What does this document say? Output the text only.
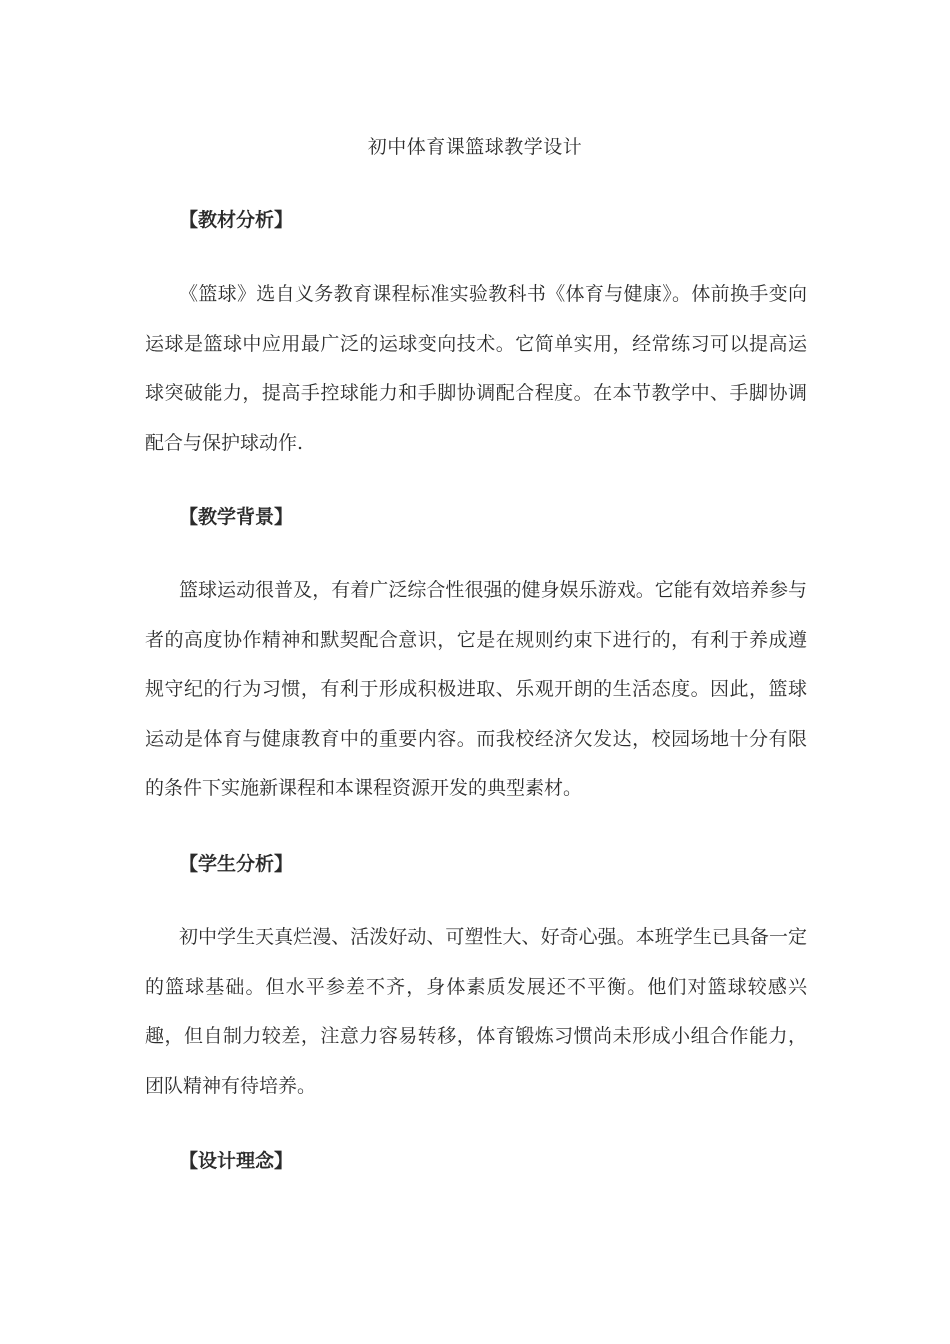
初中体育课篮球教学设计
【教材分析】

《篮球》选自义务教育课程标准实验教科书《体育与健康》。体前换手变向运球是篮球中应用最广泛的运球变向技术。它简单实用，经常练习可以提高运球突破能力，提高手控球能力和手脚协调配合程度。在本节教学中、手脚协调配合与保护球动作.

【教学背景】

篮球运动很普及，有着广泛综合性很强的健身娱乐游戏。它能有效培养参与者的高度协作精神和默契配合意识，它是在规则约束下进行的，有利于养成遵规守纪的行为习惯，有利于形成积极进取、乐观开朗的生活态度。因此，篮球运动是体育与健康教育中的重要内容。而我校经济欠发达，校园场地十分有限的条件下实施新课程和本课程资源开发的典型素材。

【学生分析】

初中学生天真烂漫、活泼好动、可塑性大、好奇心强。本班学生已具备一定的篮球基础。但水平参差不齐，身体素质发展还不平衡。他们对篮球较感兴趣，但自制力较差，注意力容易转移，体育锻炼习惯尚未形成小组合作能力，团队精神有待培养。

【设计理念】
